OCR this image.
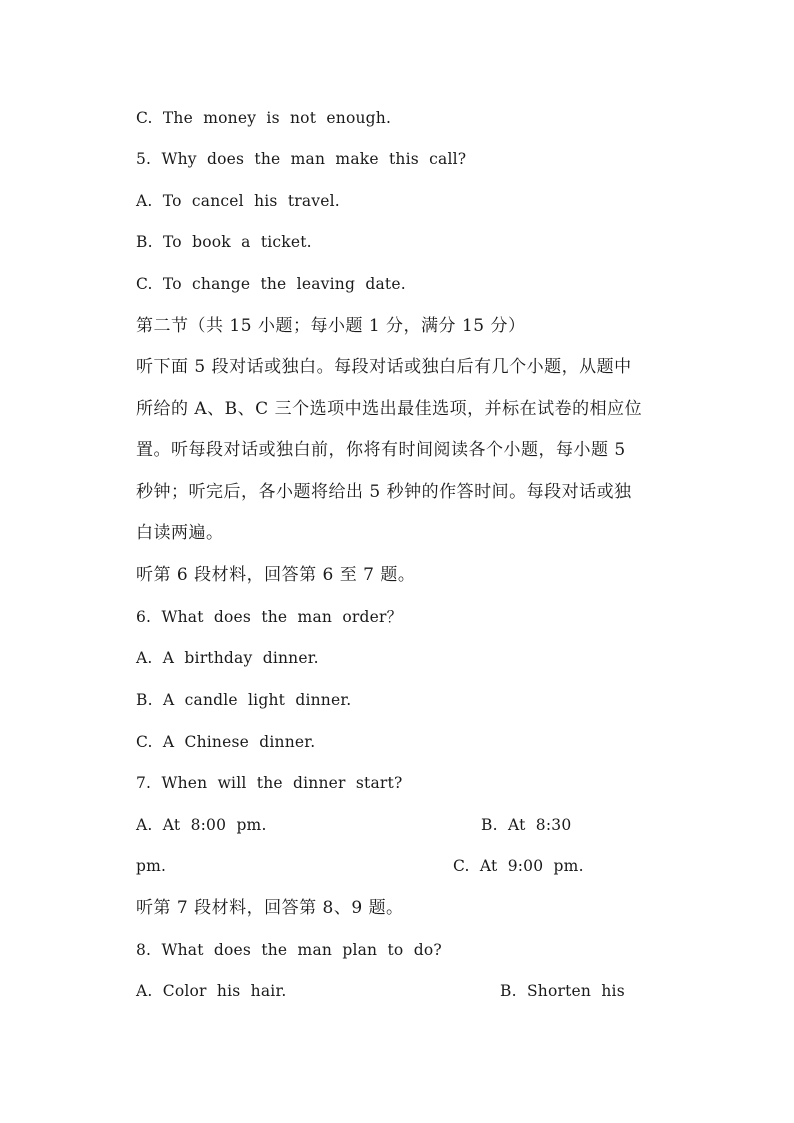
C.  The  money  is  not  enough.
5.  Why  does  the  man  make  this  call?
A.  To  cancel  his  travel.
B.  To  book  a  ticket.
C.  To  change  the  leaving  date.
第二节（共 15 小题；每小题 1 分，满分 15 分）
听下面 5 段对话或独白。每段对话或独白后有几个小题，从题中
所给的 A、B、C 三个选项中选出最佳选项，并标在试卷的相应位
置。听每段对话或独白前，你将有时间阅读各个小题，每小题 5
秒钟；听完后，各小题将给出 5 秒钟的作答时间。每段对话或独
白读两遍。
听第 6 段材料，回答第 6 至 7 题。
6.  What  does  the  man  order？
A.  A  birthday  dinner.
B.  A  candle  light  dinner.
C.  A  Chinese  dinner.
7.  When  will  the  dinner  start?
A.  At  8:00  pm.	B.  At  8:30
pm.	C.  At  9:00  pm.
听第 7 段材料，回答第 8、9 题。
8.  What  does  the  man  plan  to  do?
A.  Color  his  hair.	B.  Shorten  his
